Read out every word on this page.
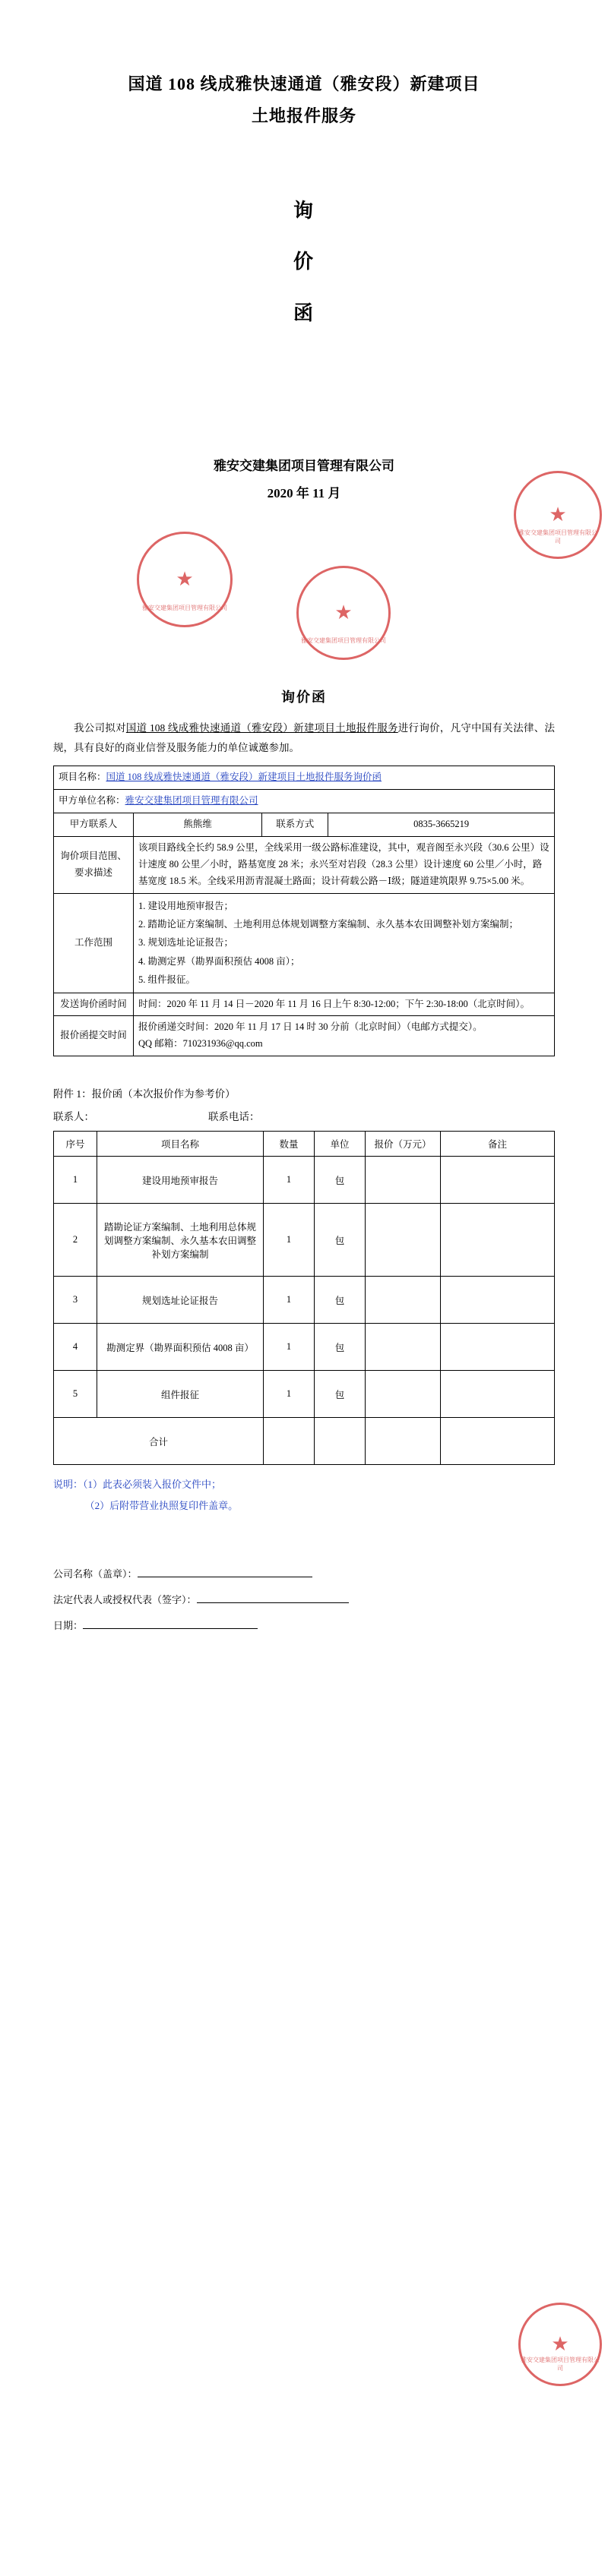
国道 108 线成雅快速通道（雅安段）新建项目
土地报件服务
询
价
函
雅安交建集团项目管理有限公司
2020 年 11 月
★
雅安交建集团项目管理有限公司
★
雅安交建集团项目管理有限公司	★
雅安交建集团项目管理有限公司
询价函
我公司拟对国道 108 线成雅快速通道（雅安段）新建项目土地报件服务进行询价，凡守中国有关法律、法规，具有良好的商业信誉及服务能力的单位诚邀参加。
项目名称：国道 108 线成雅快速通道（雅安段）新建项目土地报件服务询价函			
甲方单位名称：雅安交建集团项目管理有限公司			
甲方联系人	熊熊维	联系方式	0835-3665219
询价项目范围、要求描述	该项目路线全长约 58.9 公里，全线采用一级公路标准建设，其中，观音阁至永兴段（30.6 公里）设计速度 80 公里／小时，路基宽度 28 米；永兴至对岩段（28.3 公里）设计速度 60 公里／小时，路基宽度 18.5 米。全线采用沥青混凝土路面；设计荷载公路－Ⅰ级；隧道建筑限界 9.75×5.00 米。		
工作范围	1. 建设用地预审报告；
2. 踏勘论证方案编制、土地利用总体规划调整方案编制、永久基本农田调整补划方案编制；
3. 规划选址论证报告；
4. 勘测定界（勘界面积预估 4008 亩）；
5. 组件报征。		

发送询价函时间	时间：2020 年 11 月 14 日－2020 年 11 月 16 日上午 8:30-12:00；下午 2:30-18:00（北京时间）。		
报价函提交时间	报价函递交时间：2020 年 11 月 17 日 14 时 30 分前（北京时间）（电邮方式提交）。
QQ 邮箱：710231936@qq.com		
附件 1：报价函（本次报价作为参考价）
联系人：	联系电话：
序号	项目名称	数量	单位	报价（万元）	备注
1	建设用地预审报告	1	包		
2	踏勘论证方案编制、土地利用总体规划调整方案编制、永久基本农田调整补划方案编制	1	包		
3	规划选址论证报告	1	包		
4	勘测定界（勘界面积预估 4008 亩）	1	包		
5	组件报征	1	包		
合计					
说明：（1）此表必须装入报价文件中；
（2）后附带营业执照复印件盖章。
★
雅安交建集团项目管理有限公司
公司名称（盖章）：
法定代表人或授权代表（签字）：
日期：
